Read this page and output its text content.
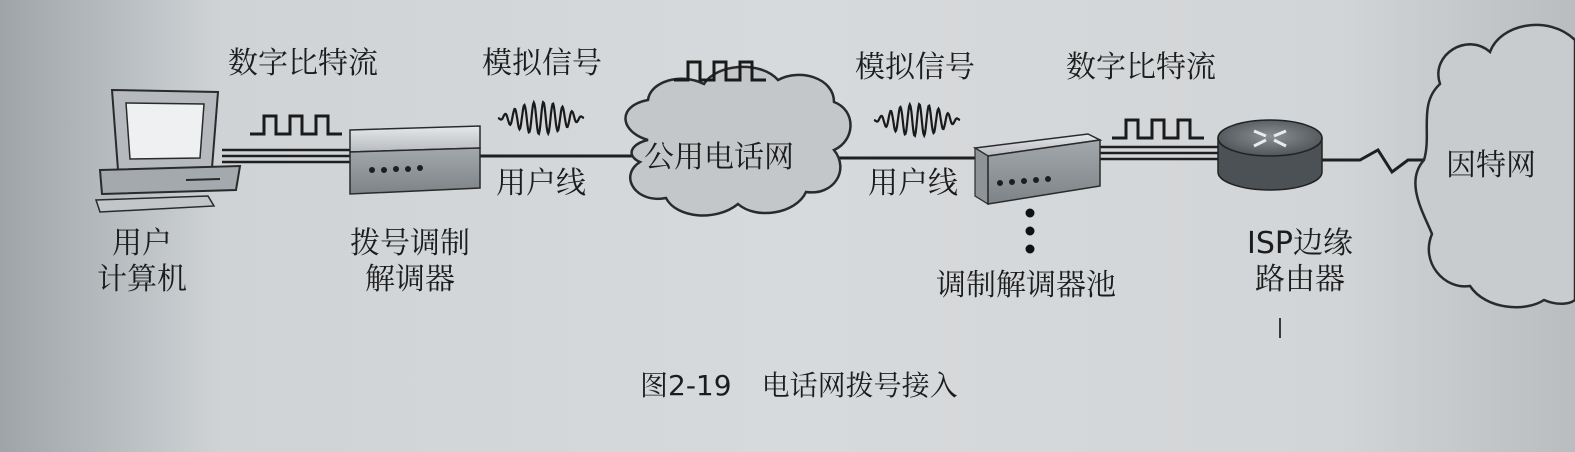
数字比特流	模拟信号	模拟信号	数字比特流
用户线	用户线
公用电话网	因特网
用户
计算机
拨号调制
解调器	调制解调器池
ISP边缘
路由器
图2-19 电话网拨号接入
